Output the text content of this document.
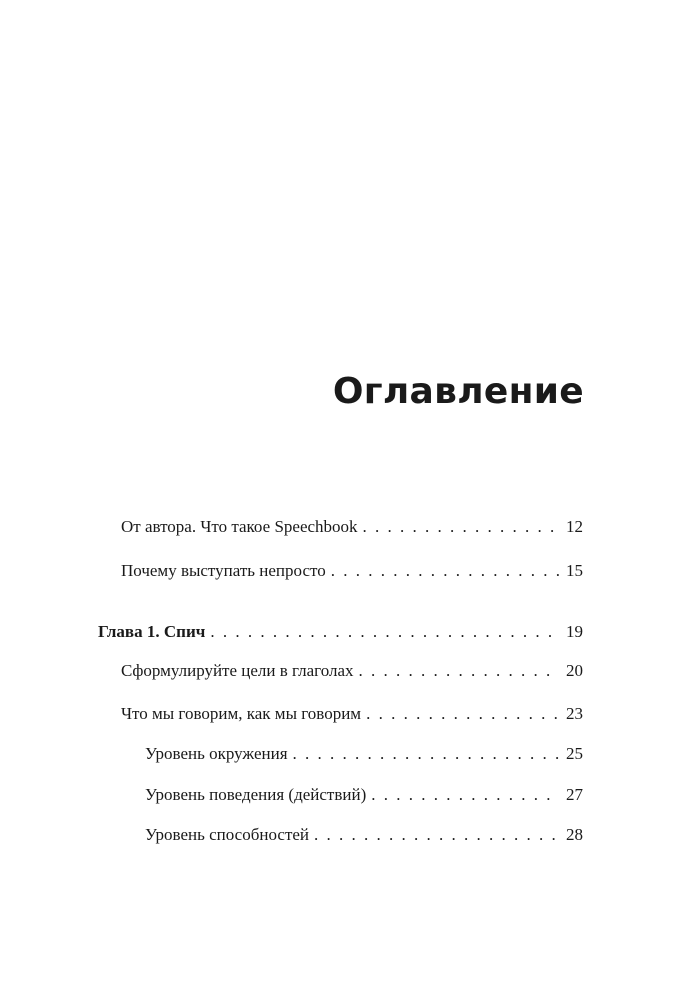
Оглавление
От автора. Что такое Speechbook . . .	12
Почему выступать непросто . . .	15
Глава 1. Спич . . .	19
Сформулируйте цели в глаголах . . .	20
Что мы говорим, как мы говорим . . .	23
Уровень окружения . . .	25
Уровень поведения (действий) . . .	27
Уровень способностей . . .	28
